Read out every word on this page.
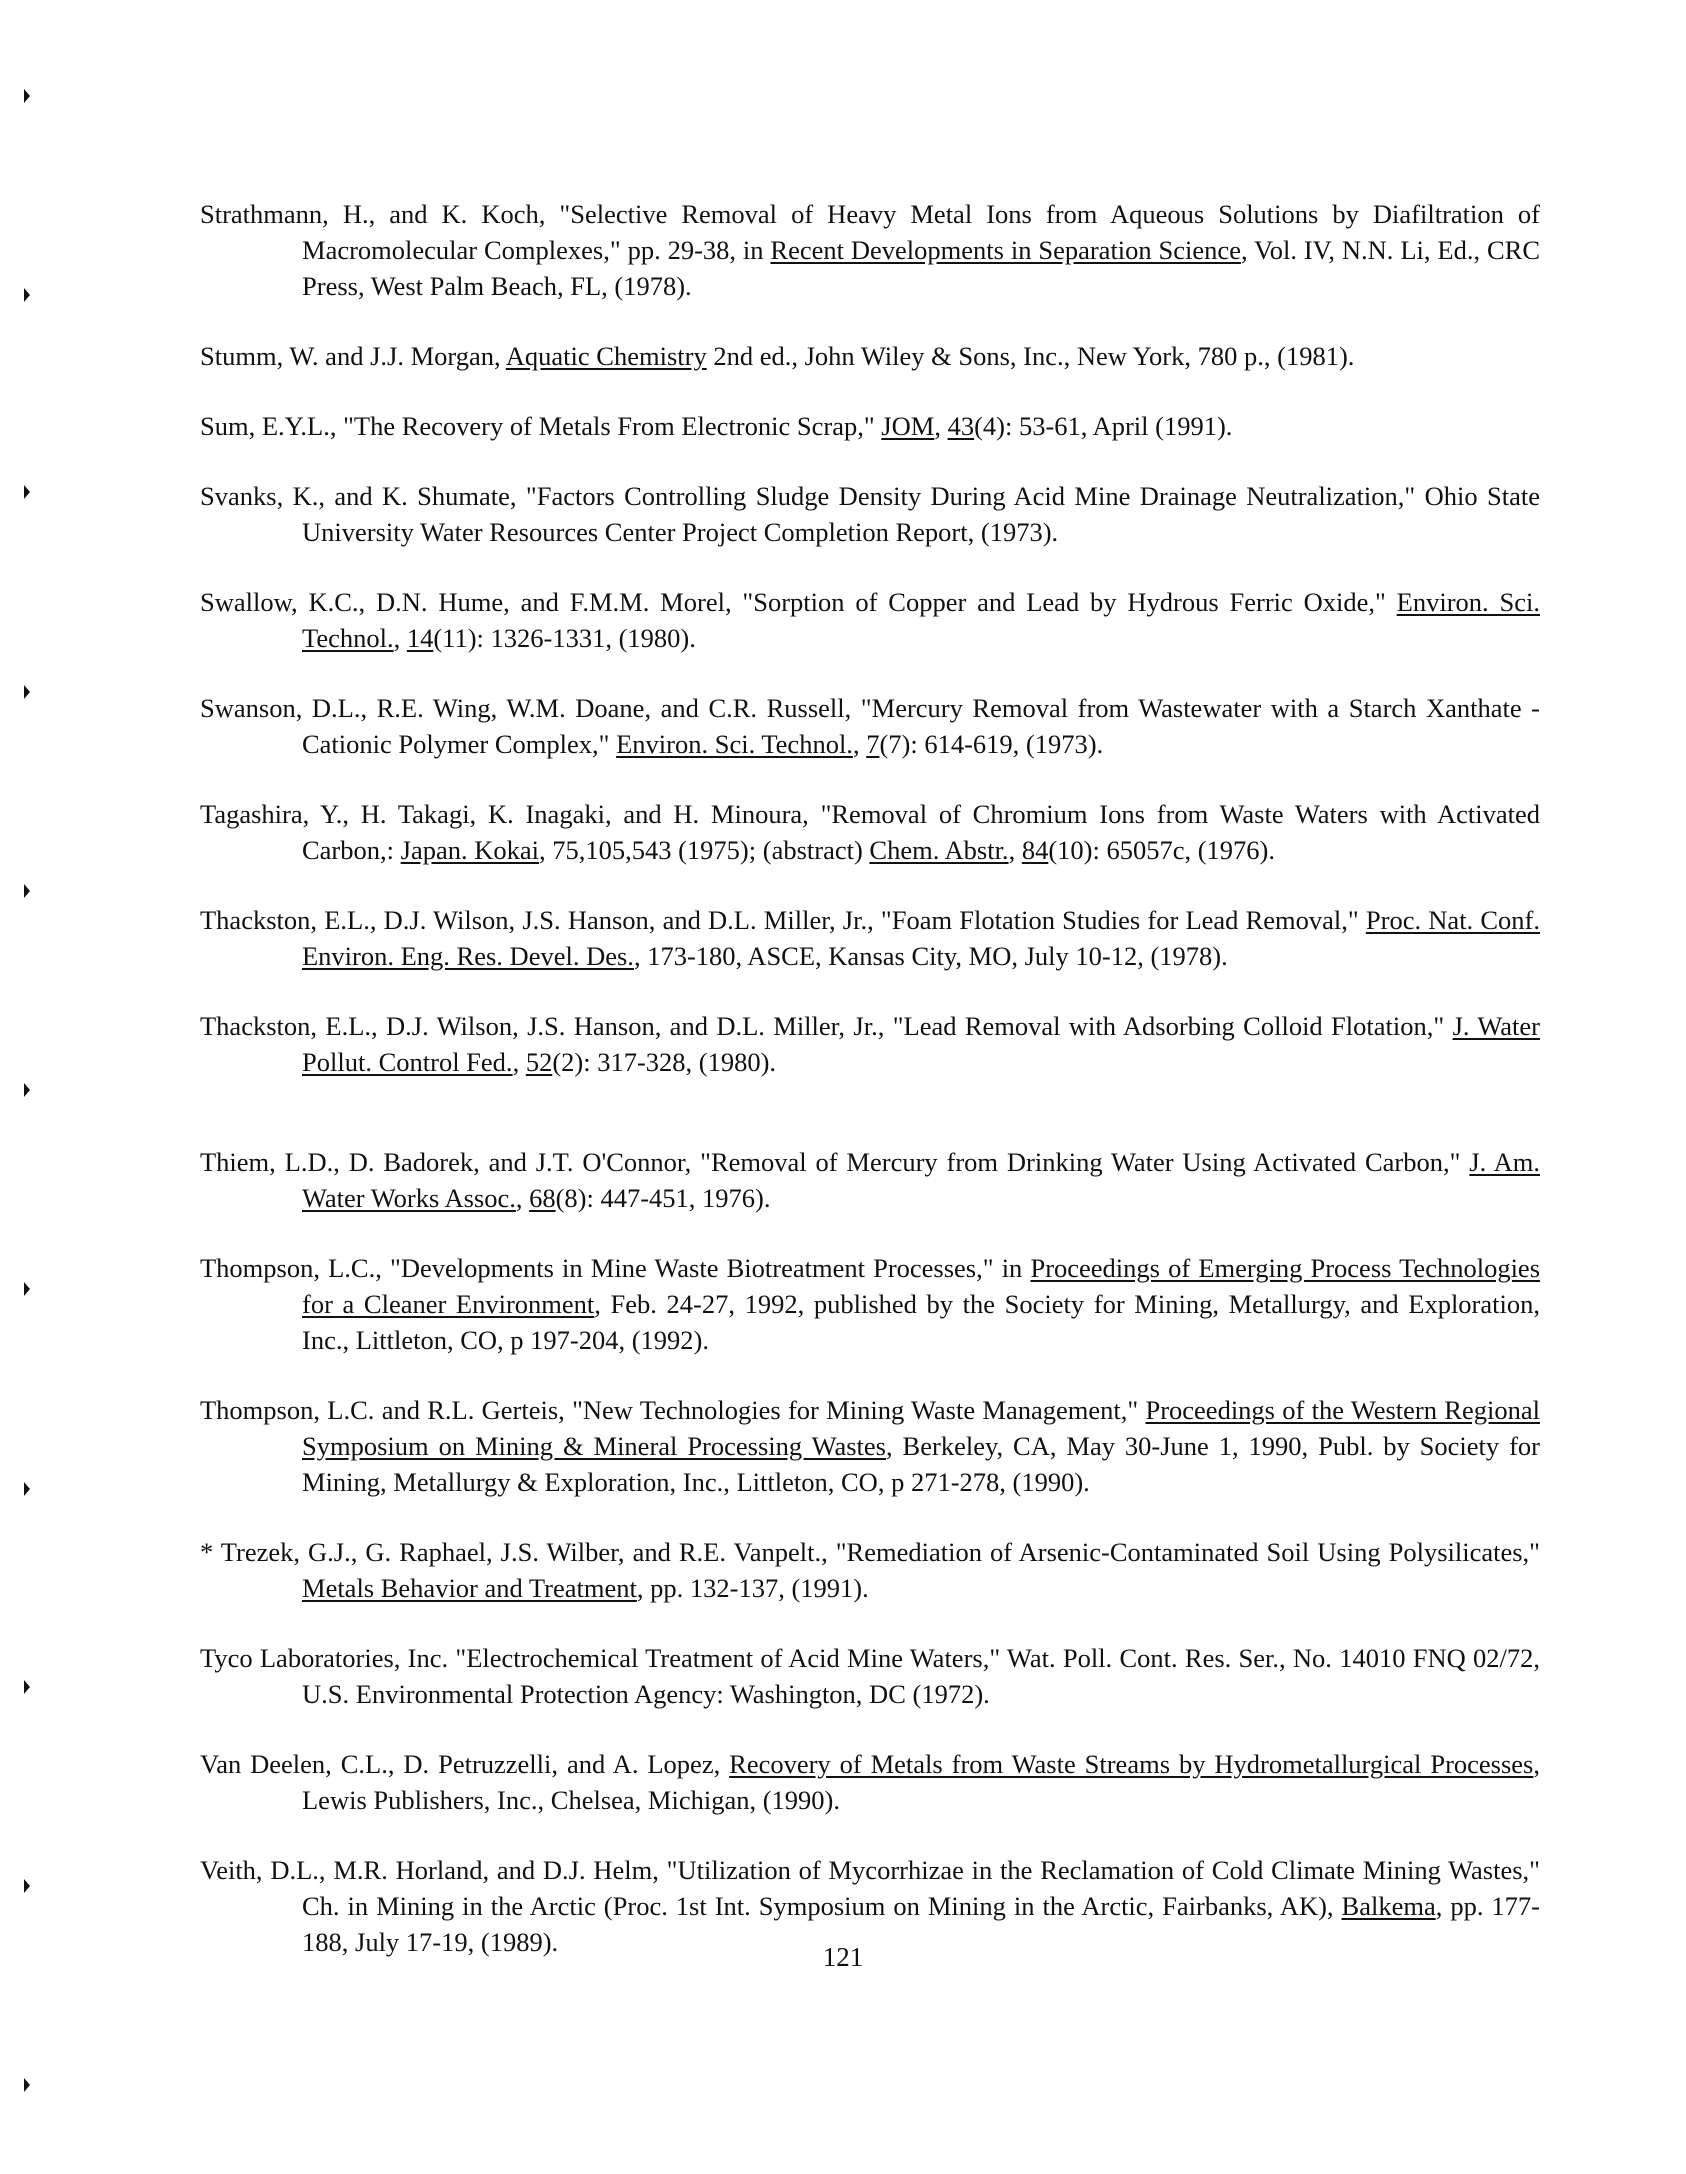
Strathmann, H., and K. Koch, "Selective Removal of Heavy Metal Ions from Aqueous Solutions by Diafiltration of Macromolecular Complexes," pp. 29-38, in Recent Developments in Separation Science, Vol. IV, N.N. Li, Ed., CRC Press, West Palm Beach, FL, (1978).

Stumm, W. and J.J. Morgan, Aquatic Chemistry 2nd ed., John Wiley & Sons, Inc., New York, 780 p., (1981).

Sum, E.Y.L., "The Recovery of Metals From Electronic Scrap," JOM, 43(4): 53-61, April (1991).

Svanks, K., and K. Shumate, "Factors Controlling Sludge Density During Acid Mine Drainage Neutralization," Ohio State University Water Resources Center Project Completion Report, (1973).

Swallow, K.C., D.N. Hume, and F.M.M. Morel, "Sorption of Copper and Lead by Hydrous Ferric Oxide," Environ. Sci. Technol., 14(11): 1326-1331, (1980).

Swanson, D.L., R.E. Wing, W.M. Doane, and C.R. Russell, "Mercury Removal from Wastewater with a Starch Xanthate - Cationic Polymer Complex," Environ. Sci. Technol., 7(7): 614-619, (1973).

Tagashira, Y., H. Takagi, K. Inagaki, and H. Minoura, "Removal of Chromium Ions from Waste Waters with Activated Carbon,: Japan. Kokai, 75,105,543 (1975); (abstract) Chem. Abstr., 84(10): 65057c, (1976).

Thackston, E.L., D.J. Wilson, J.S. Hanson, and D.L. Miller, Jr., "Foam Flotation Studies for Lead Removal," Proc. Nat. Conf. Environ. Eng. Res. Devel. Des., 173-180, ASCE, Kansas City, MO, July 10-12, (1978).

Thackston, E.L., D.J. Wilson, J.S. Hanson, and D.L. Miller, Jr., "Lead Removal with Adsorbing Colloid Flotation," J. Water Pollut. Control Fed., 52(2): 317-328, (1980).

Thiem, L.D., D. Badorek, and J.T. O'Connor, "Removal of Mercury from Drinking Water Using Activated Carbon," J. Am. Water Works Assoc., 68(8): 447-451, 1976).

Thompson, L.C., "Developments in Mine Waste Biotreatment Processes," in Proceedings of Emerging Process Technologies for a Cleaner Environment, Feb. 24-27, 1992, published by the Society for Mining, Metallurgy, and Exploration, Inc., Littleton, CO, p 197-204, (1992).

Thompson, L.C. and R.L. Gerteis, "New Technologies for Mining Waste Management," Proceedings of the Western Regional Symposium on Mining & Mineral Processing Wastes, Berkeley, CA, May 30-June 1, 1990, Publ. by Society for Mining, Metallurgy & Exploration, Inc., Littleton, CO, p 271-278, (1990).

* Trezek, G.J., G. Raphael, J.S. Wilber, and R.E. Vanpelt., "Remediation of Arsenic-Contaminated Soil Using Polysilicates," Metals Behavior and Treatment, pp. 132-137, (1991).

Tyco Laboratories, Inc. "Electrochemical Treatment of Acid Mine Waters," Wat. Poll. Cont. Res. Ser., No. 14010 FNQ 02/72, U.S. Environmental Protection Agency: Washington, DC (1972).

Van Deelen, C.L., D. Petruzzelli, and A. Lopez, Recovery of Metals from Waste Streams by Hydrometallurgical Processes, Lewis Publishers, Inc., Chelsea, Michigan, (1990).

Veith, D.L., M.R. Horland, and D.J. Helm, "Utilization of Mycorrhizae in the Reclamation of Cold Climate Mining Wastes," Ch. in Mining in the Arctic (Proc. 1st Int. Symposium on Mining in the Arctic, Fairbanks, AK), Balkema, pp. 177-188, July 17-19, (1989).	121
